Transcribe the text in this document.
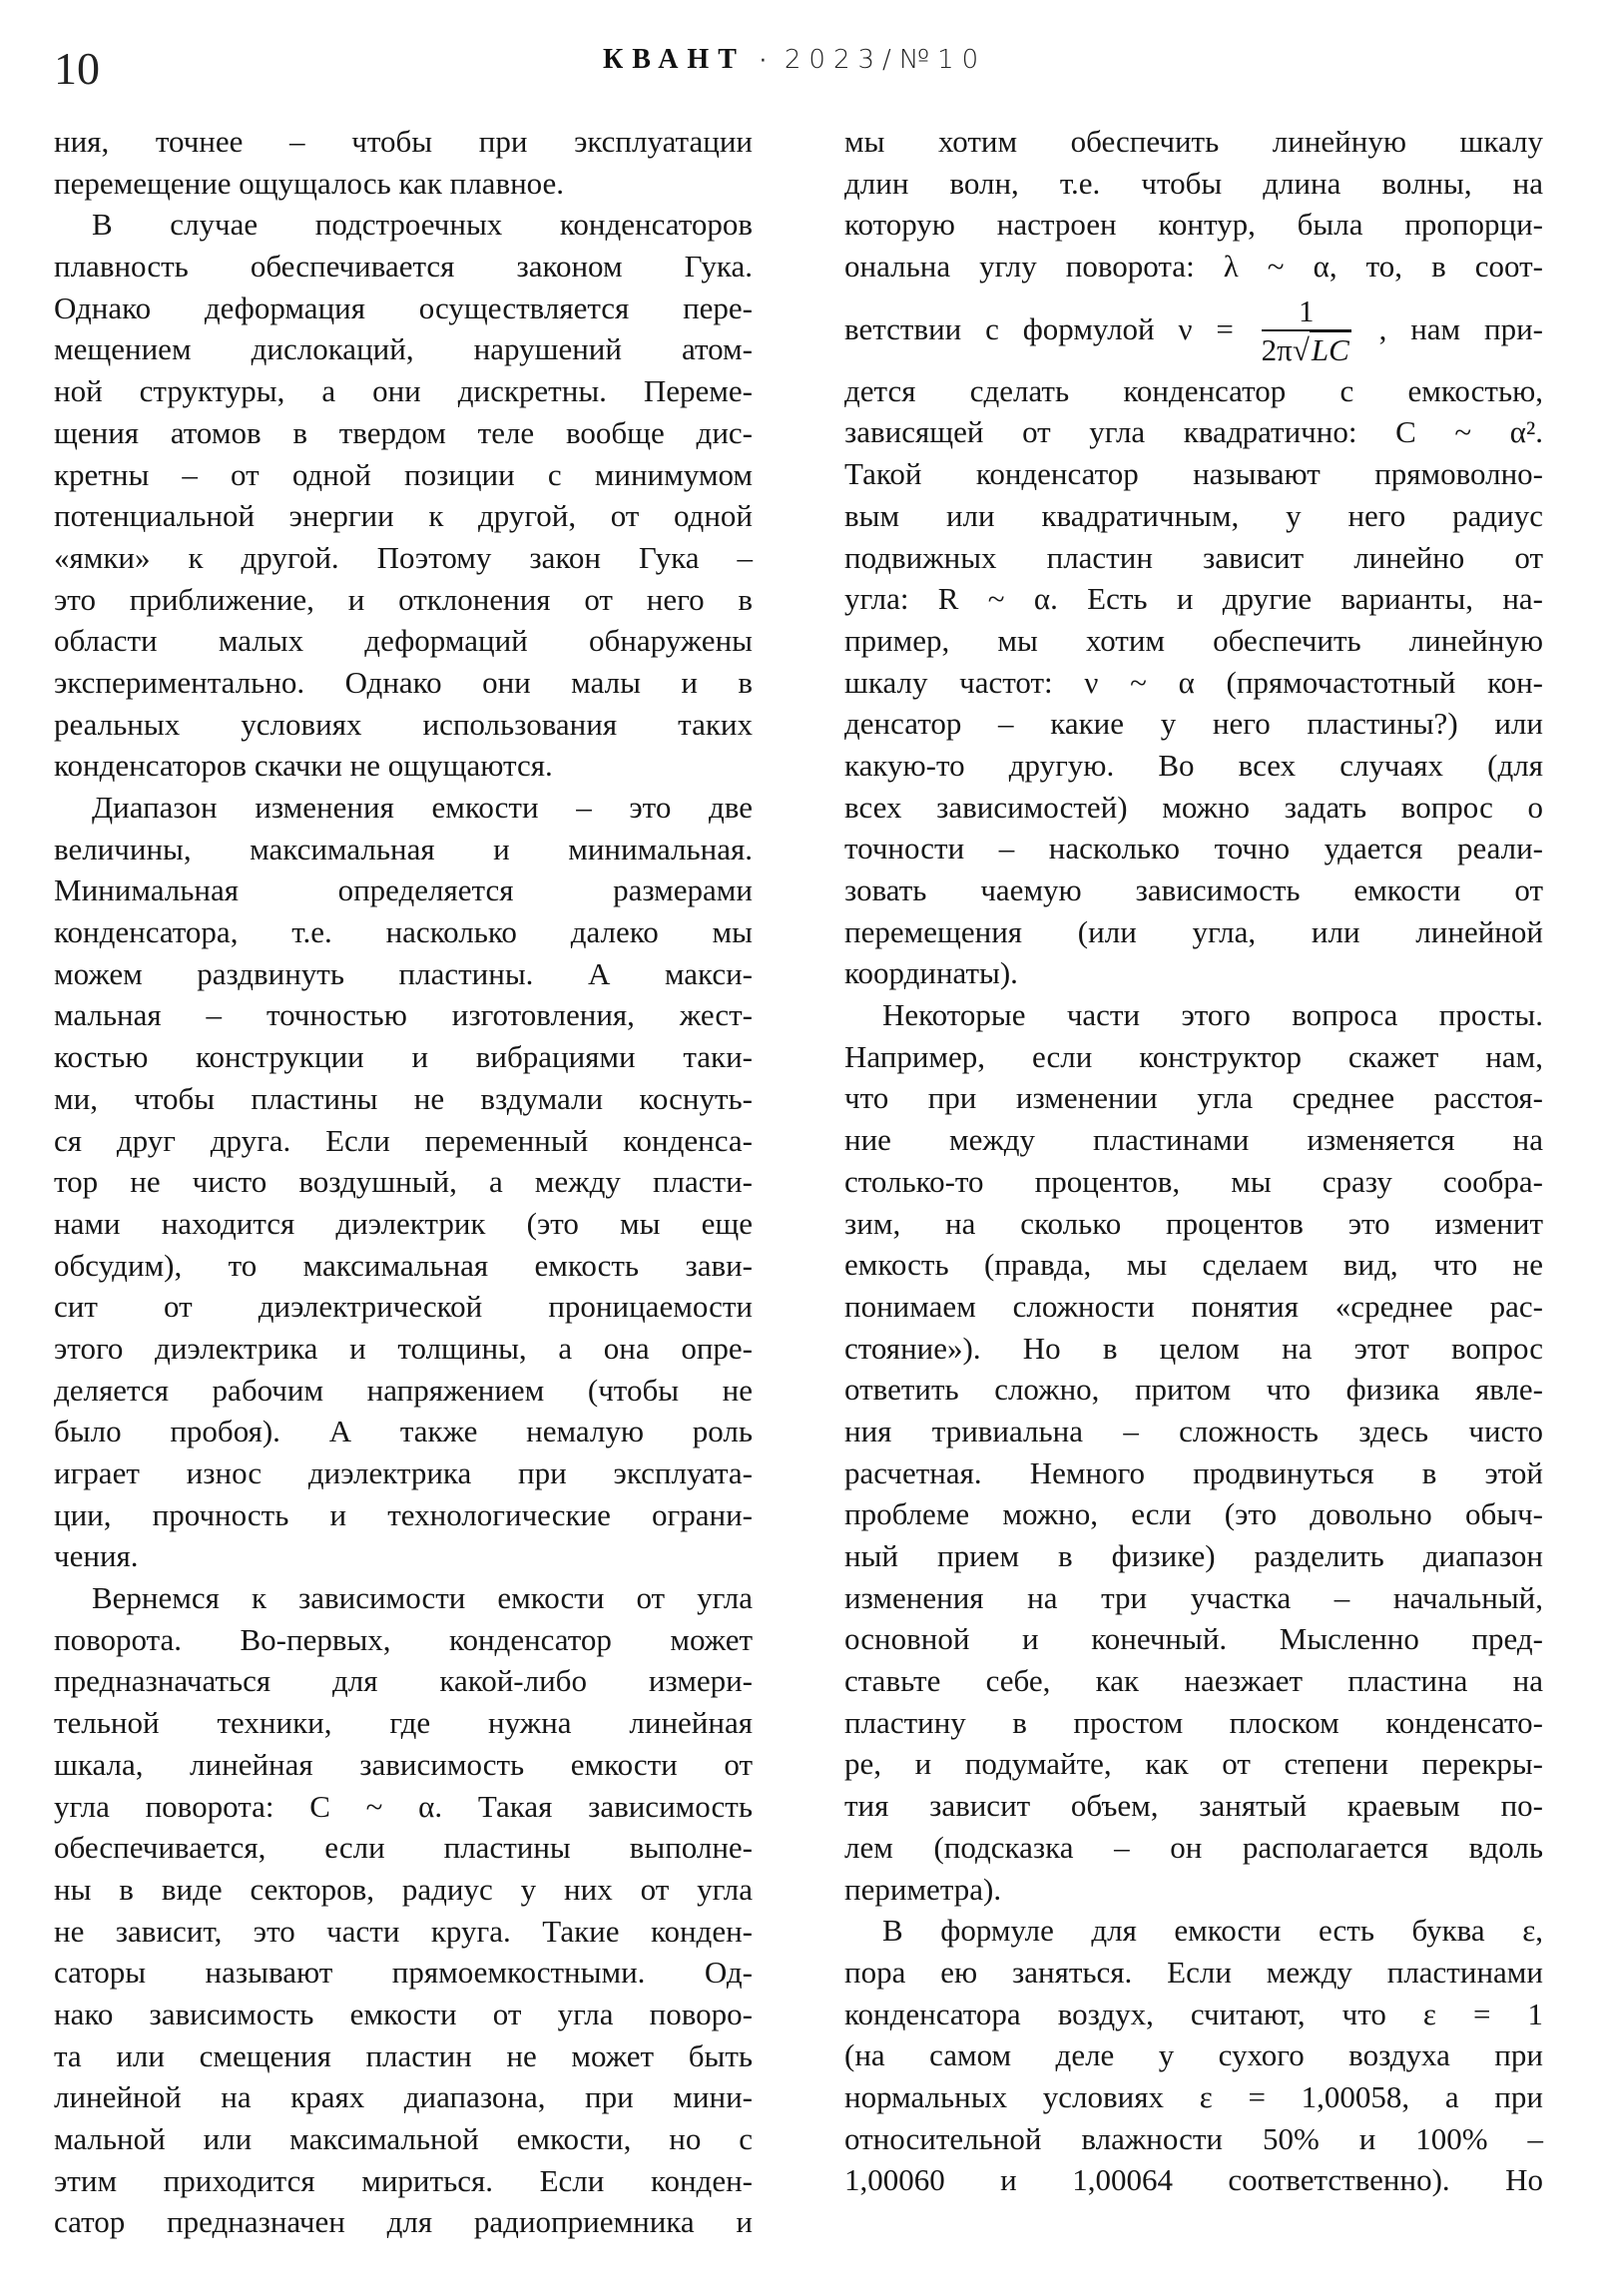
10	КВАНТ · 2023/№10
ния, точнее – чтобы при эксплуатации
перемещение ощущалось как плавное.
В случае подстроечных конденсаторов
плавность обеспечивается законом Гука.
Однако деформация осуществляется пере-
мещением дислокаций, нарушений атом-
ной структуры, а они дискретны. Переме-
щения атомов в твердом теле вообще дис-
кретны – от одной позиции с минимумом
потенциальной энергии к другой, от одной
«ямки» к другой. Поэтому закон Гука –
это приближение, и отклонения от него в
области малых деформаций обнаружены
экспериментально. Однако они малы и в
реальных условиях использования таких
конденсаторов скачки не ощущаются.
Диапазон изменения емкости – это две
величины, максимальная и минимальная.
Минимальная определяется размерами
конденсатора, т.е. насколько далеко мы
можем раздвинуть пластины. А макси-
мальная – точностью изготовления, жест-
костью конструкции и вибрациями таки-
ми, чтобы пластины не вздумали коснуть-
ся друг друга. Если переменный конденса-
тор не чисто воздушный, а между пласти-
нами находится диэлектрик (это мы еще
обсудим), то максимальная емкость зави-
сит от диэлектрической проницаемости
этого диэлектрика и толщины, а она опре-
деляется рабочим напряжением (чтобы не
было пробоя). А также немалую роль
играет износ диэлектрика при эксплуата-
ции, прочность и технологические ограни-
чения.
Вернемся к зависимости емкости от угла
поворота. Во-первых, конденсатор может
предназначаться для какой-либо измери-
тельной техники, где нужна линейная
шкала, линейная зависимость емкости от
угла поворота: C ~ α. Такая зависимость
обеспечивается, если пластины выполне-
ны в виде секторов, радиус у них от угла
не зависит, это части круга. Такие конден-
саторы называют прямоемкостными. Од-
нако зависимость емкости от угла поворо-
та или смещения пластин не может быть
линейной на краях диапазона, при мини-
мальной или максимальной емкости, но с
этим приходится мириться. Если конден-
сатор предназначен для радиоприемника и
мы хотим обеспечить линейную шкалу
длин волн, т.е. чтобы длина волны, на
которую настроен контур, была пропорци-
ональна углу поворота: λ ~ α, то, в соот-
ветствии с формулой $\nu = \frac{1}{2\pi√LC}$ , нам при-
дется сделать конденсатор с емкостью,
зависящей от угла квадратично: C ~ α².
Такой конденсатор называют прямоволно-
вым или квадратичным, у него радиус
подвижных пластин зависит линейно от
угла: R ~ α. Есть и другие варианты, на-
пример, мы хотим обеспечить линейную
шкалу частот: ν ~ α (прямочастотный кон-
денсатор – какие у него пластины?) или
какую-то другую. Во всех случаях (для
всех зависимостей) можно задать вопрос о
точности – насколько точно удается реали-
зовать чаемую зависимость емкости от
перемещения (или угла, или линейной
координаты).
Некоторые части этого вопроса просты.
Например, если конструктор скажет нам,
что при изменении угла среднее расстоя-
ние между пластинами изменяется на
столько-то процентов, мы сразу сообра-
зим, на сколько процентов это изменит
емкость (правда, мы сделаем вид, что не
понимаем сложности понятия «среднее рас-
стояние»). Но в целом на этот вопрос
ответить сложно, притом что физика явле-
ния тривиальна – сложность здесь чисто
расчетная. Немного продвинуться в этой
проблеме можно, если (это довольно обыч-
ный прием в физике) разделить диапазон
изменения на три участка – начальный,
основной и конечный. Мысленно пред-
ставьте себе, как наезжает пластина на
пластину в простом плоском конденсато-
ре, и подумайте, как от степени перекры-
тия зависит объем, занятый краевым по-
лем (подсказка – он располагается вдоль
периметра).
В формуле для емкости есть буква ε,
пора ею заняться. Если между пластинами
конденсатора воздух, считают, что ε = 1
(на самом деле у сухого воздуха при
нормальных условиях ε = 1,00058, а при
относительной влажности 50% и 100% –
1,00060 и 1,00064 соответственно). Но
